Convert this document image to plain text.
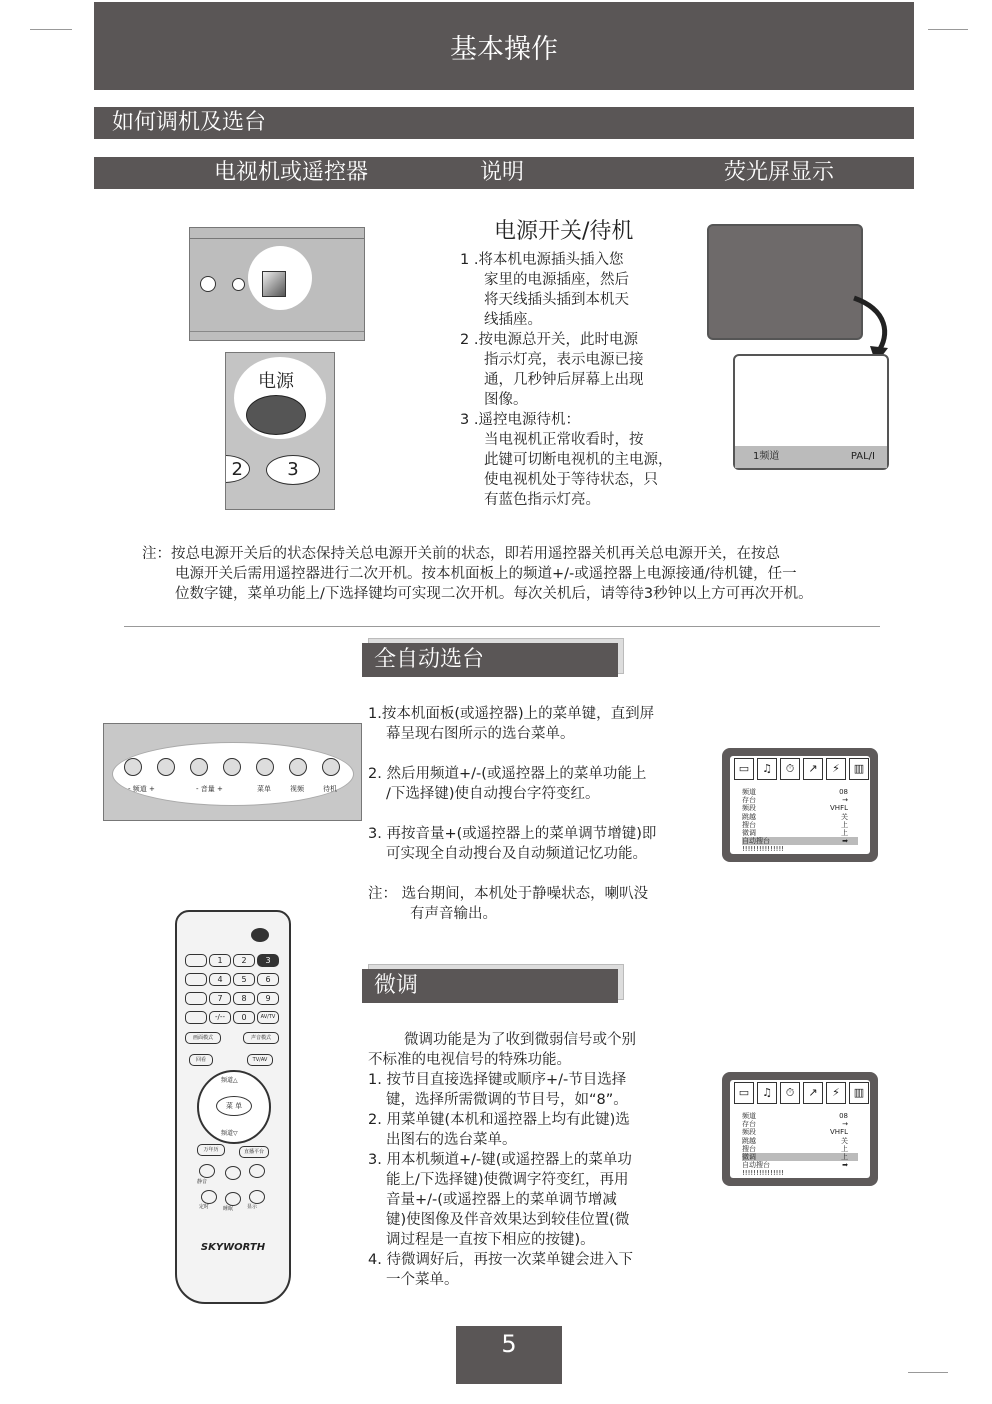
基本操作
如何调机及选台
电视机或遥控器	说明	荧光屏显示
电源
2	3
电源开关/待机

1 .将本机电源插头插入您

家里的电源插座，然后

将天线插头插到本机天

线插座。

2 .按电源总开关，此时电源

指示灯亮，表示电源已接

通，几秒钟后屏幕上出现

图像。

3 .遥控电源待机：

当电视机正常收看时，按

此键可切断电视机的主电源，

使电视机处于等待状态，只

有蓝色指示灯亮。

1频道	PAL/I

注：按总电源开关后的状态保持关总电源开关前的状态，即若用遥控器关机再关总电源开关，在按总

电源开关后需用遥控器进行二次开机。按本机面板上的频道+/-或遥控器上电源接通/待机键，任一

位数字键，菜单功能上/下选择键均可实现二次开机。每次关机后，请等待3秒钟以上方可再次开机。

全自动选台
- 频道 +	- 音量 +	菜单	视频	待机

1.按本机面板(或遥控器)上的菜单键，直到屏

幕呈现右图所示的选台菜单。

2. 然后用频道+/-(或遥控器上的菜单功能上

/下选择键)使自动搜台字符变红。

3. 再按音量+(或遥控器上的菜单调节增键)即

可实现全自动搜台及自动频道记忆功能。

注： 选台期间，本机处于静噪状态，喇叭没

有声音输出。

▭	♫	⏱	↗	⚡	▥
频道	08
存台	→
频段	VHFL
跳越	关
搜台	上
微调	上
自动搜台	➡
!!!!!!!!!!!!!!!
微调

微调功能是为了收到微弱信号或个别

不标准的电视信号的特殊功能。

1. 按节目直接选择键或顺序+/-节目选择

键，选择所需微调的节目号，如“8”。

2. 用菜单键(本机和遥控器上均有此键)选

出图右的选台菜单。

3. 用本机频道+/-键(或遥控器上的菜单功

能上/下选择键)使微调字符变红，再用

音量+/-(或遥控器上的菜单调节增减

键)使图像及伴音效果达到较佳位置(微

调过程是一直按下相应的按键)。

4. 待微调好后，再按一次菜单键会进入下

一个菜单。

▭	♫	⏱	↗	⚡	▥
频道	08
存台	→
频段	VHFL
跳越	关
搜台	上
微调	上
自动搜台	➡
!!!!!!!!!!!!!!!
1	2	3
4	5	6
7	8	9
-/--	0	AV/TV
画面模式	声音模式
回看	TV/AV
频道△
菜 单
频道▽
万年历	直播平台
静音
定时	睡眠	显示
SKYWORTH
5
